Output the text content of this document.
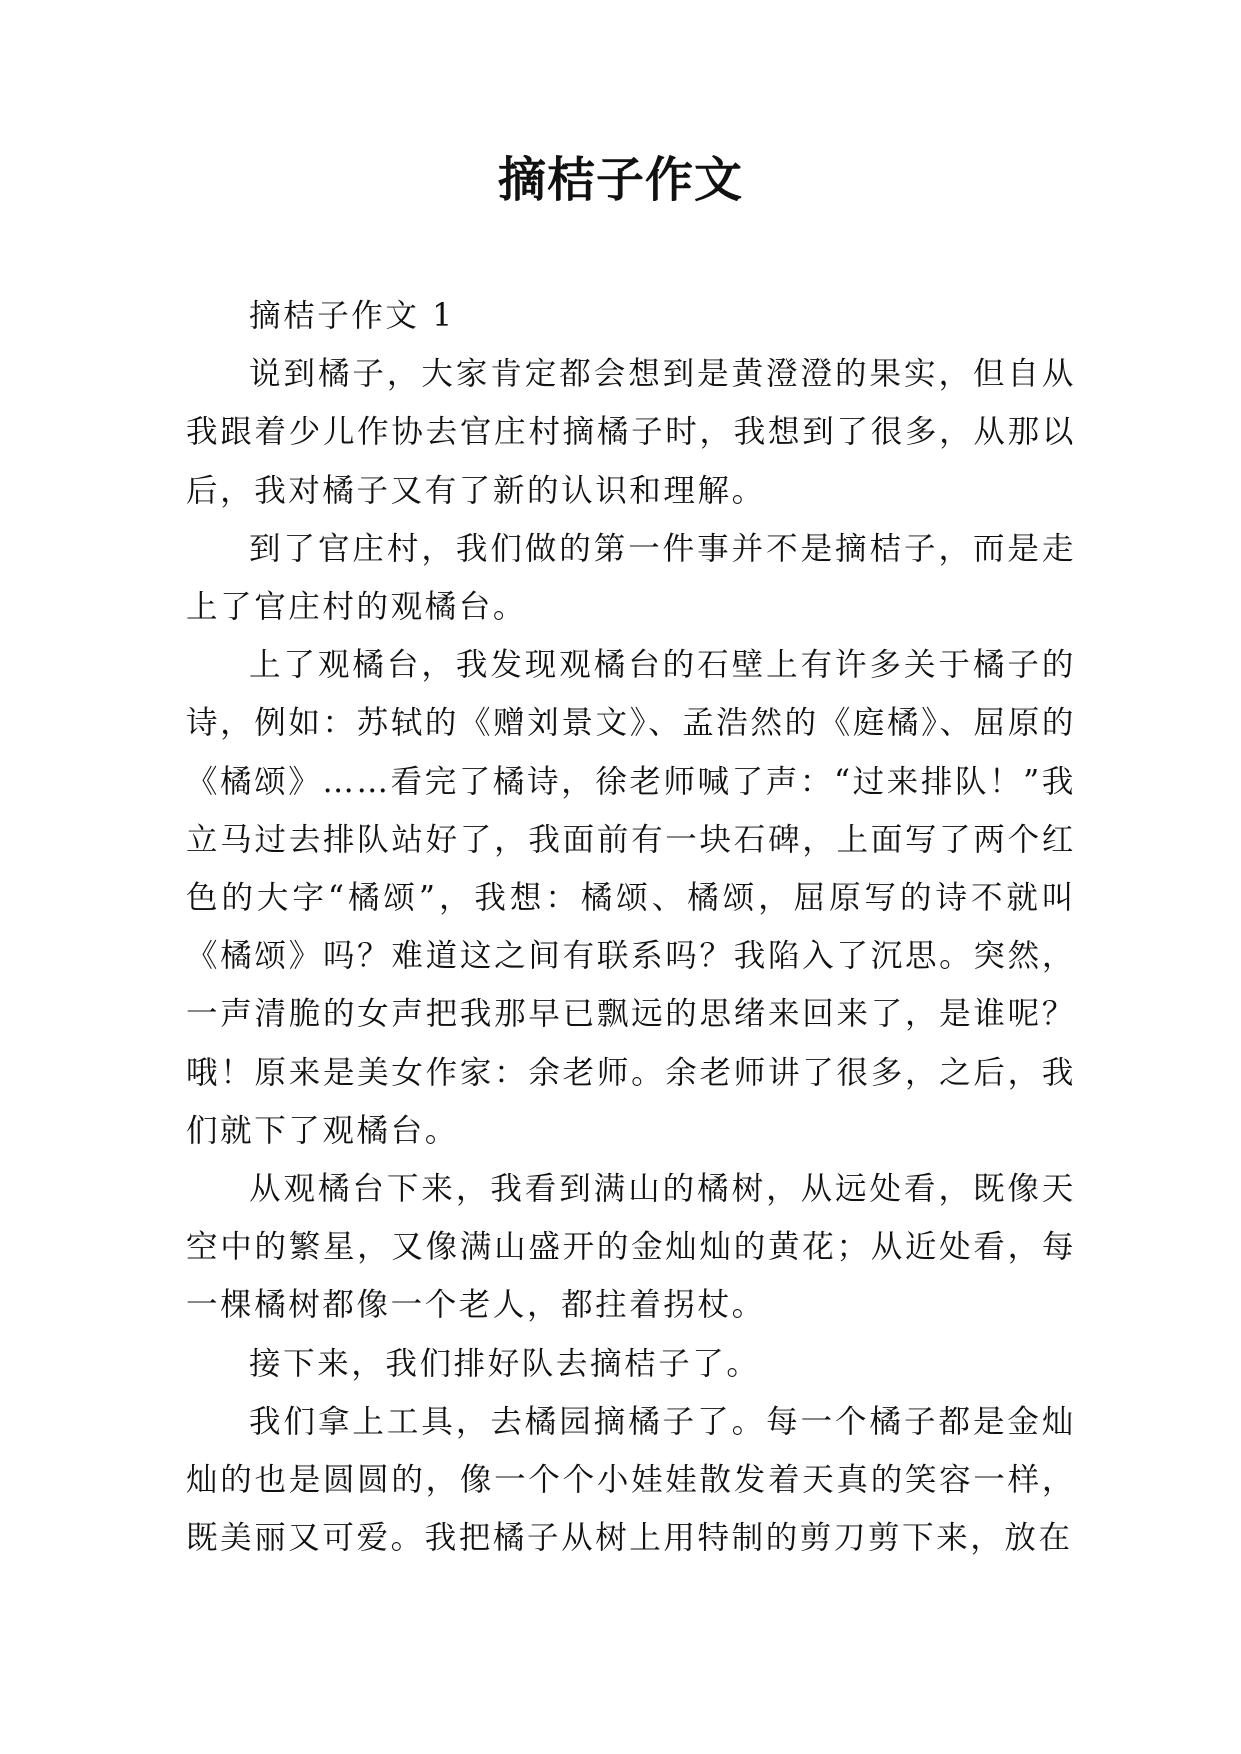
摘桔子作文

摘桔子作文 1

说到橘子，大家肯定都会想到是黄澄澄的果实，但自从我跟着少儿作协去官庄村摘橘子时，我想到了很多，从那以后，我对橘子又有了新的认识和理解。

到了官庄村，我们做的第一件事并不是摘桔子，而是走上了官庄村的观橘台。

上了观橘台，我发现观橘台的石壁上有许多关于橘子的诗，例如：苏轼的《赠刘景文》、孟浩然的《庭橘》、屈原的《橘颂》……看完了橘诗，徐老师喊了声：“过来排队！”我立马过去排队站好了，我面前有一块石碑，上面写了两个红色的大字“橘颂”，我想：橘颂、橘颂，屈原写的诗不就叫《橘颂》吗？难道这之间有联系吗？我陷入了沉思。突然，一声清脆的女声把我那早已飘远的思绪来回来了，是谁呢？哦！原来是美女作家：余老师。余老师讲了很多，之后，我们就下了观橘台。

从观橘台下来，我看到满山的橘树，从远处看，既像天空中的繁星，又像满山盛开的金灿灿的黄花；从近处看，每一棵橘树都像一个老人，都拄着拐杖。

接下来，我们排好队去摘桔子了。

我们拿上工具，去橘园摘橘子了。每一个橘子都是金灿灿的也是圆圆的，像一个个小娃娃散发着天真的笑容一样，既美丽又可爱。我把橘子从树上用特制的剪刀剪下来，放在
